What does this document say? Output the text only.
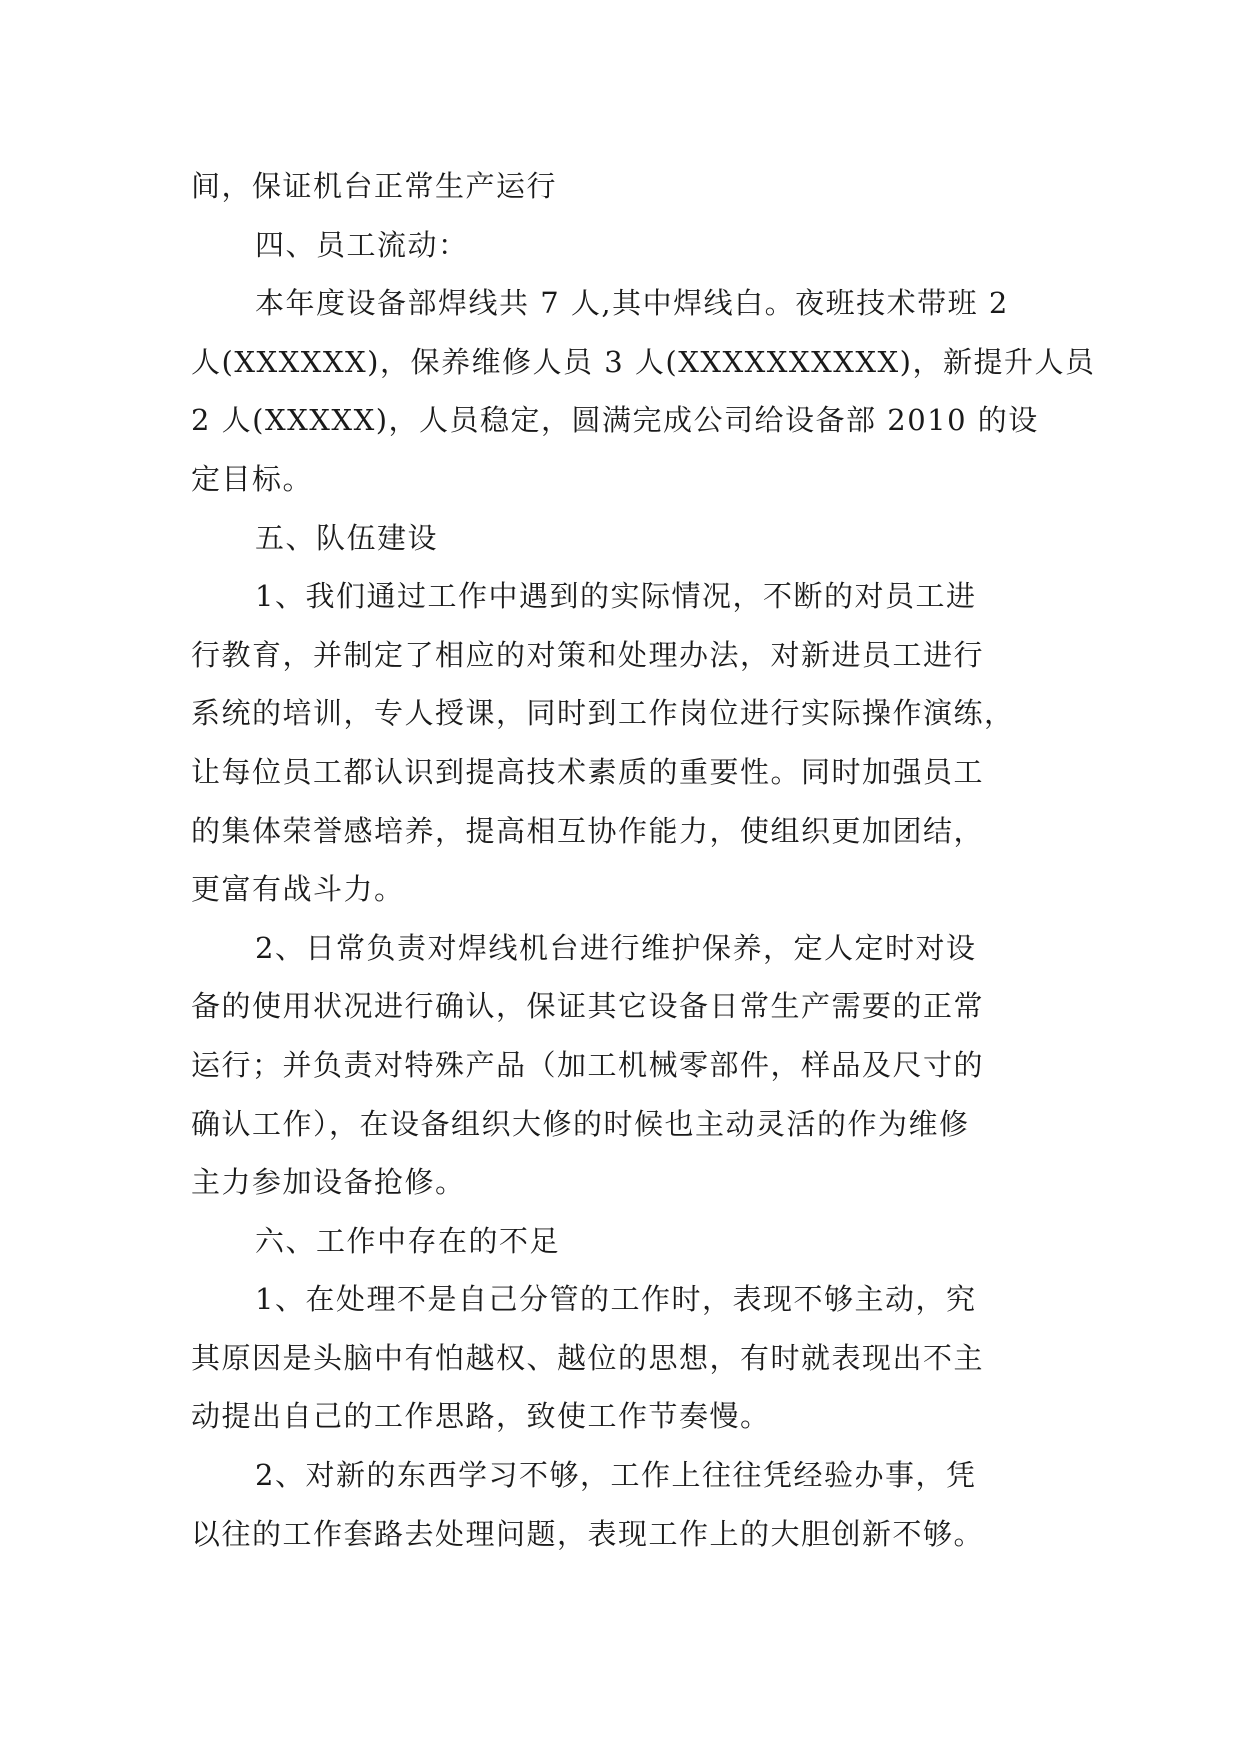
间，保证机台正常生产运行

四、员工流动：

本年度设备部焊线共 7 人,其中焊线白。夜班技术带班 2

人(XXXXXX)，保养维修人员 3 人(XXXXXXXXXX)，新提升人员

2 人(XXXXX)，人员稳定，圆满完成公司给设备部 2010 的设

定目标。

五、队伍建设

1、我们通过工作中遇到的实际情况，不断的对员工进

行教育，并制定了相应的对策和处理办法，对新进员工进行

系统的培训，专人授课，同时到工作岗位进行实际操作演练，

让每位员工都认识到提高技术素质的重要性。同时加强员工

的集体荣誉感培养，提高相互协作能力，使组织更加团结，

更富有战斗力。

2、日常负责对焊线机台进行维护保养，定人定时对设

备的使用状况进行确认，保证其它设备日常生产需要的正常

运行；并负责对特殊产品（加工机械零部件，样品及尺寸的

确认工作），在设备组织大修的时候也主动灵活的作为维修

主力参加设备抢修。

六、工作中存在的不足

1、在处理不是自己分管的工作时，表现不够主动，究

其原因是头脑中有怕越权、越位的思想，有时就表现出不主

动提出自己的工作思路，致使工作节奏慢。

2、对新的东西学习不够，工作上往往凭经验办事，凭

以往的工作套路去处理问题，表现工作上的大胆创新不够。
